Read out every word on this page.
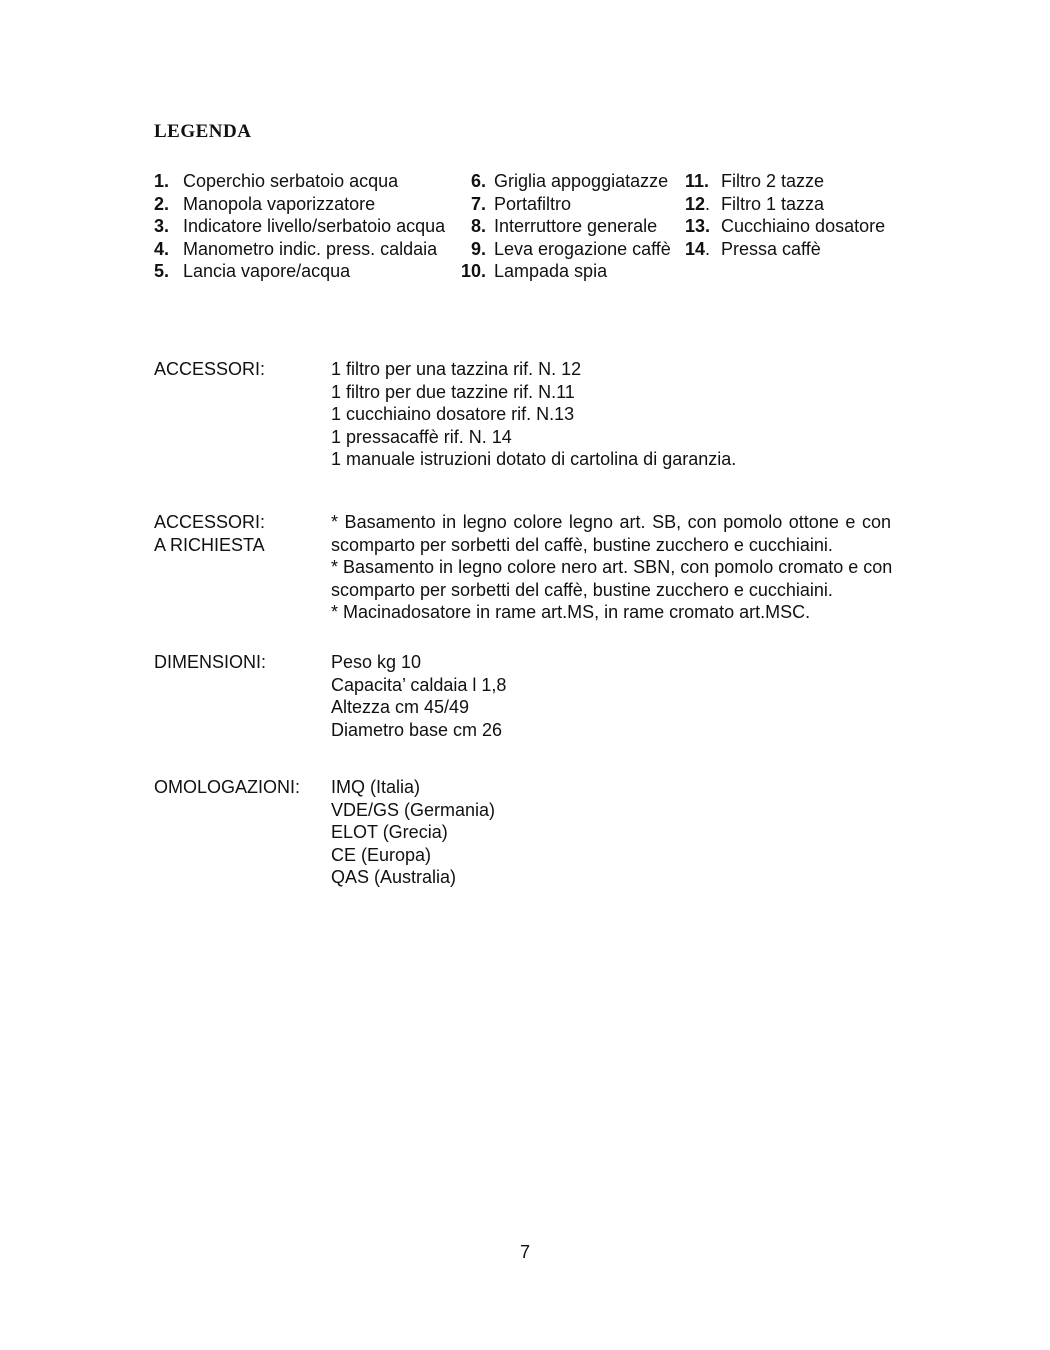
LEGENDA
1. Coperchio serbatoio acqua
2. Manopola vaporizzatore
3. Indicatore livello/serbatoio acqua
4. Manometro indic. press. caldaia
5. Lancia vapore/acqua
6. Griglia appoggiatazze
7. Portafiltro
8. Interruttore generale
9. Leva erogazione caffè
10. Lampada spia
11. Filtro 2 tazze
12. Filtro 1 tazza
13. Cucchiaino dosatore
14. Pressa caffè
ACCESSORI:	1 filtro per una tazzina rif. N. 12
1 filtro per due tazzine rif. N.11
1 cucchiaino dosatore rif. N.13
1 pressacaffè rif. N. 14
1 manuale istruzioni dotato di cartolina di garanzia.
ACCESSORI:
A RICHIESTA
* Basamento in legno colore legno art. SB, con pomolo ottone e con
scomparto per sorbetti del caffè, bustine zucchero e cucchiaini.
* Basamento in legno colore nero art. SBN, con pomolo cromato e con
scomparto per sorbetti del caffè, bustine zucchero e cucchiaini.
* Macinadosatore in rame art.MS, in rame cromato art.MSC.
DIMENSIONI:	Peso kg 10
Capacita’ caldaia l 1,8
Altezza cm 45/49
Diametro base cm 26
OMOLOGAZIONI:	IMQ (Italia)
VDE/GS (Germania)
ELOT (Grecia)
CE (Europa)
QAS (Australia)
7
